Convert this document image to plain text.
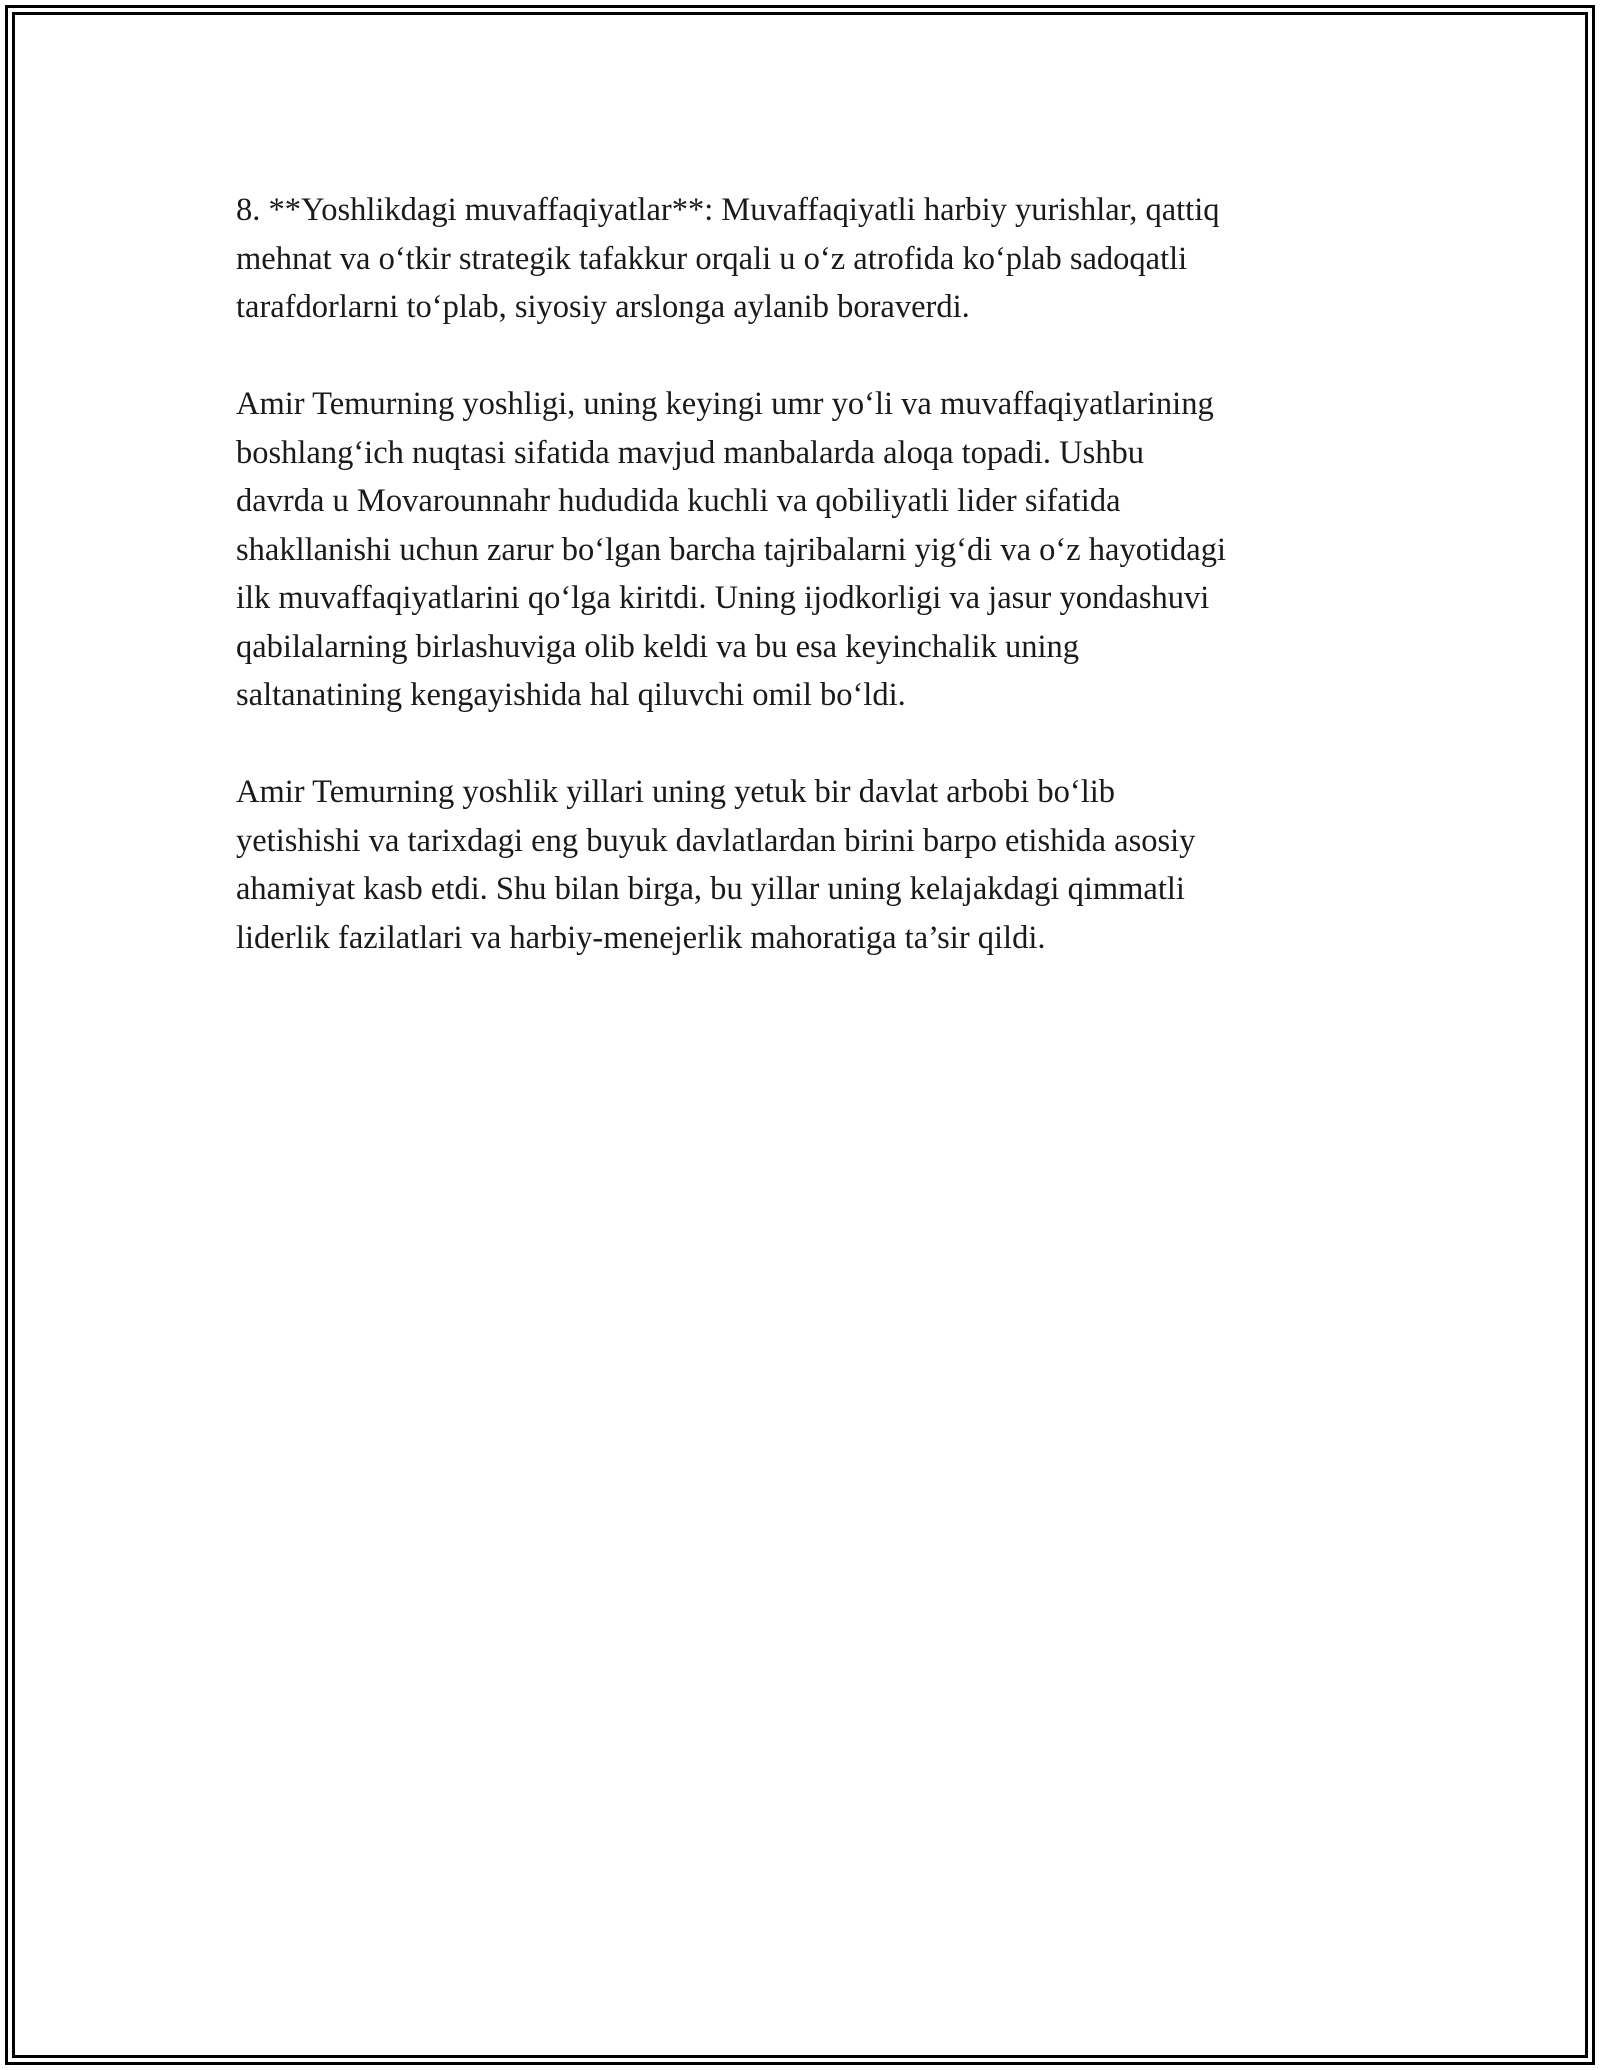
8. **Yoshlikdagi muvaffaqiyatlar**: Muvaffaqiyatli harbiy yurishlar, qattiq
mehnat va o‘tkir strategik tafakkur orqali u o‘z atrofida ko‘plab sadoqatli
tarafdorlarni to‘plab, siyosiy arslonga aylanib boraverdi.

Amir Temurning yoshligi, uning keyingi umr yo‘li va muvaffaqiyatlarining
boshlang‘ich nuqtasi sifatida mavjud manbalarda aloqa topadi. Ushbu
davrda u Movarounnahr hududida kuchli va qobiliyatli lider sifatida
shakllanishi uchun zarur bo‘lgan barcha tajribalarni yig‘di va o‘z hayotidagi
ilk muvaffaqiyatlarini qo‘lga kiritdi. Uning ijodkorligi va jasur yondashuvi
qabilalarning birlashuviga olib keldi va bu esa keyinchalik uning
saltanatining kengayishida hal qiluvchi omil bo‘ldi.

Amir Temurning yoshlik yillari uning yetuk bir davlat arbobi bo‘lib
yetishishi va tarixdagi eng buyuk davlatlardan birini barpo etishida asosiy
ahamiyat kasb etdi. Shu bilan birga, bu yillar uning kelajakdagi qimmatli
liderlik fazilatlari va harbiy-menejerlik mahoratiga ta’sir qildi.
